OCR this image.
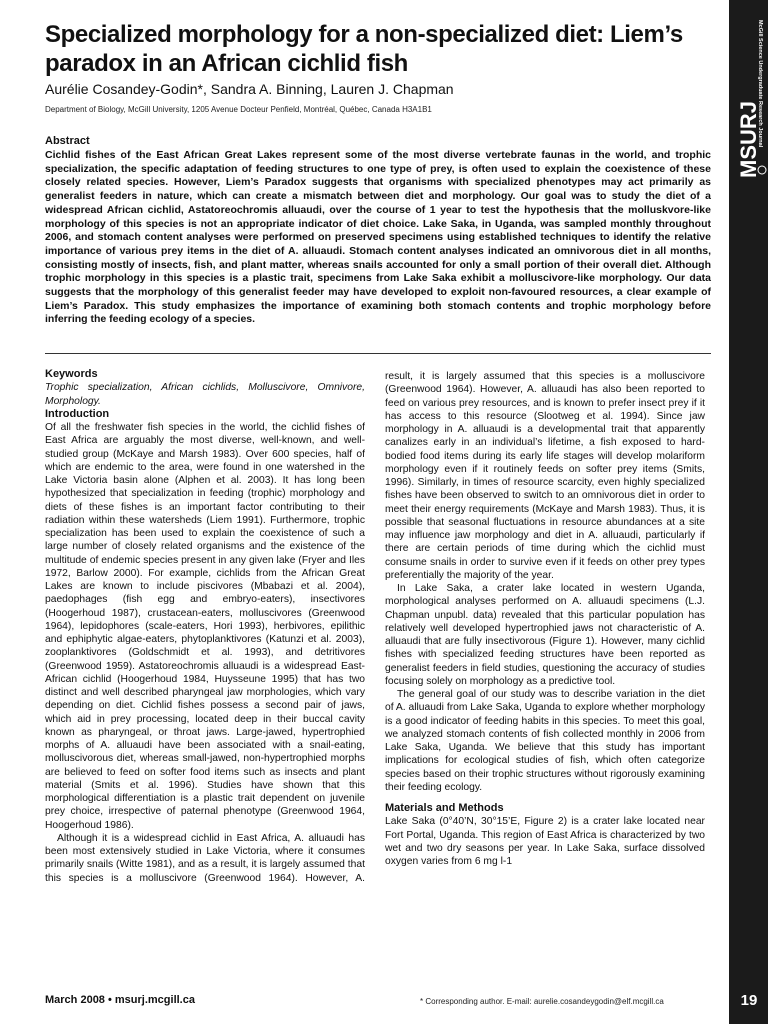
Specialized morphology for a non-specialized diet: Liem’s paradox in an African cichlid fish
Aurélie Cosandey-Godin*, Sandra A. Binning, Lauren J. Chapman
Department of Biology, McGill University, 1205 Avenue Docteur Penfield, Montréal, Québec, Canada H3A1B1
Abstract
Cichlid fishes of the East African Great Lakes represent some of the most diverse vertebrate faunas in the world, and trophic specialization, the specific adaptation of feeding structures to one type of prey, is often used to explain the coexistence of these closely related species. However, Liem’s Paradox suggests that organisms with specialized phenotypes may act primarily as generalist feeders in nature, which can create a mismatch between diet and morphology. Our goal was to study the diet of a widespread African cichlid, Astatoreochromis alluaudi, over the course of 1 year to test the hypothesis that the molluskvore-like morphology of this species is not an appropriate indicator of diet choice. Lake Saka, in Uganda, was sampled monthly throughout 2006, and stomach content analyses were performed on preserved specimens using established techniques to identify the relative importance of various prey items in the diet of A. alluaudi. Stomach content analyses indicated an omnivorous diet in all months, consisting mostly of insects, fish, and plant matter, whereas snails accounted for only a small portion of their overall diet. Although trophic morphology in this species is a plastic trait, specimens from Lake Saka exhibit a molluscivore-like morphology. Our data suggests that the morphology of this generalist feeder may have developed to exploit non-favoured resources, a clear example of Liem’s Paradox. This study emphasizes the importance of examining both stomach contents and trophic morphology before inferring the feeding ecology of a species.

Keywords

Trophic specialization, African cichlids, Molluscivore, Omnivore, Morphology.

Introduction

Of all the freshwater fish species in the world, the cichlid fishes of East Africa are arguably the most diverse, well-known, and well-studied group (McKaye and Marsh 1983). Over 600 species, half of which are endemic to the area, were found in one watershed in the Lake Victoria basin alone (Alphen et al. 2003). It has long been hypothesized that specialization in feeding (trophic) morphology and diets of these fishes is an important factor contributing to their radiation within these watersheds (Liem 1991). Furthermore, trophic specialization has been used to explain the coexistence of such a large number of closely related organisms and the existence of the multitude of endemic species present in any given lake (Fryer and Iles 1972, Barlow 2000). For example, cichlids from the African Great Lakes are known to include piscivores (Mbabazi et al. 2004), paedophages (fish egg and embryo-eaters), insectivores (Hoogerhoud 1987), crustacean-eaters, molluscivores (Greenwood 1964), lepidophores (scale-eaters, Hori 1993), herbivores, epilithic and ephiphytic algae-eaters, phytoplanktivores (Katunzi et al. 2003), zooplanktivores (Goldschmidt et al. 1993), and detritivores (Greenwood 1959). Astatoreochromis alluaudi is a widespread East-African cichlid (Hoogerhoud 1984, Huysseune 1995) that has two distinct and well described pharyngeal jaw morphologies, which vary depending on diet. Cichlid fishes possess a second pair of jaws, which aid in prey processing, located deep in their buccal cavity known as pharyngeal, or throat jaws. Large-jawed, hypertrophied morphs of A. alluaudi have been associated with a snail-eating, molluscivorous diet, whereas small-jawed, non-hypertrophied morphs are believed to feed on softer food items such as insects and plant material (Smits et al. 1996). Studies have shown that this morphological differentiation is a plastic trait dependent on juvenile prey choice, irrespective of paternal phenotype (Greenwood 1964, Hoogerhoud 1986).

Although it is a widespread cichlid in East Africa, A. alluaudi has been most extensively studied in Lake Victoria, where it consumes primarily snails (Witte 1981), and as a result, it is largely assumed that this species is a molluscivore (Greenwood 1964). However, A.

result, it is largely assumed that this species is a molluscivore (Greenwood 1964). However, A. alluaudi has also been reported to feed on various prey resources, and is known to prefer insect prey if it has access to this resource (Slootweg et al. 1994). Since jaw morphology in A. alluaudi is a developmental trait that apparently canalizes early in an individual’s lifetime, a fish exposed to hard-bodied food items during its early life stages will develop molariform morphology even if it routinely feeds on softer prey items (Smits, 1996). Similarly, in times of resource scarcity, even highly specialized fishes have been observed to switch to an omnivorous diet in order to meet their energy requirements (McKaye and Marsh 1983). Thus, it is possible that seasonal fluctuations in resource abundances at a site may influence jaw morphology and diet in A. alluaudi, particularly if there are certain periods of time during which the cichlid must consume snails in order to survive even if it feeds on other prey types preferentially the majority of the year.

In Lake Saka, a crater lake located in western Uganda, morphological analyses performed on A. alluaudi specimens (L.J. Chapman unpubl. data) revealed that this particular population has relatively well developed hypertrophied jaws not characteristic of A. alluaudi that are fully insectivorous (Figure 1). However, many cichlid fishes with specialized feeding structures have been reported as generalist feeders in field studies, questioning the accuracy of studies focusing solely on morphology as a predictive tool.

The general goal of our study was to describe variation in the diet of A. alluaudi from Lake Saka, Uganda to explore whether morphology is a good indicator of feeding habits in this species. To meet this goal, we analyzed stomach contents of fish collected monthly in 2006 from Lake Saka, Uganda. We believe that this study has important implications for ecological studies of fish, which often categorize species based on their trophic structures without rigorously examining their feeding ecology.

Materials and Methods

Lake Saka (0°40’N, 30°15’E, Figure 2) is a crater lake located near Fort Portal, Uganda. This region of East Africa is characterized by two wet and two dry seasons per year. In Lake Saka, surface dissolved oxygen varies from 6 mg l-1

March 2008 • msurj.mcgill.ca	* Corresponding author. E-mail: aurelie.cosandeygodin@elf.mcgill.ca
McGill Science Undergraduate Research Journal
MSURJ
19
